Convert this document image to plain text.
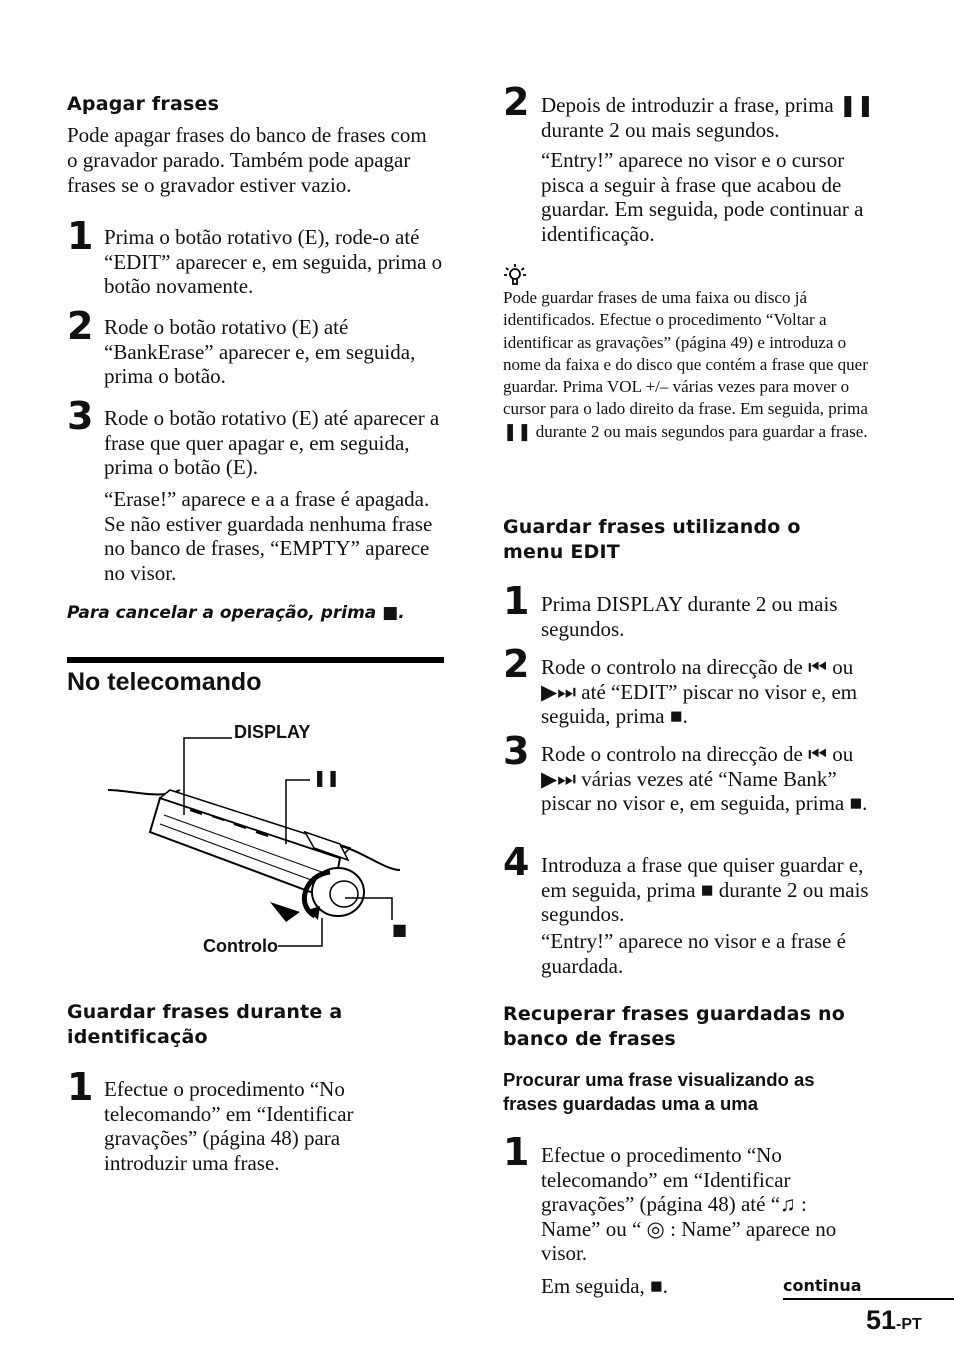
Apagar frases
Pode apagar frases do banco de frases com o gravador parado. Também pode apagar frases se o gravador estiver vazio.
1 Prima o botão rotativo (E), rode-o até “EDIT” aparecer e, em seguida, prima o botão novamente.
2 Rode o botão rotativo (E) até “BankErase” aparecer e, em seguida, prima o botão.
3 Rode o botão rotativo (E) até aparecer a frase que quer apagar e, em seguida, prima o botão (E).
“Erase!” aparece e a a frase é apagada. Se não estiver guardada nenhuma frase no banco de frases, “EMPTY” aparece no visor.
Para cancelar a operação, prima ■.
No telecomando
DISPLAY
❚❚
■
Controlo
Guardar frases durante a identificação
1 Efectue o procedimento “No telecomando” em “Identificar gravações” (página 48) para introduzir uma frase.
2 Depois de introduzir a frase, prima ❚❚ durante 2 ou mais segundos.
“Entry!” aparece no visor e o cursor pisca a seguir à frase que acabou de guardar. Em seguida, pode continuar a identificação.
Pode guardar frases de uma faixa ou disco já identificados. Efectue o procedimento “Voltar a identificar as gravações” (página 49) e introduza o nome da faixa e do disco que contém a frase que quer guardar. Prima VOL +/– várias vezes para mover o cursor para o lado direito da frase. Em seguida, prima ❚❚ durante 2 ou mais segundos para guardar a frase.
Guardar frases utilizando o menu EDIT
1 Prima DISPLAY durante 2 ou mais segundos.
2 Rode o controlo na direcção de ⏮ ou ▶⏭ até “EDIT” piscar no visor e, em seguida, prima ■.
3 Rode o controlo na direcção de ⏮ ou ▶⏭ várias vezes até “Name Bank” piscar no visor e, em seguida, prima ■.
4 Introduza a frase que quiser guardar e, em seguida, prima ■ durante 2 ou mais segundos.
“Entry!” aparece no visor e a frase é guardada.
Recuperar frases guardadas no banco de frases
Procurar uma frase visualizando as frases guardadas uma a uma
1 Efectue o procedimento “No telecomando” em “Identificar gravações” (página 48) até “♫ : Name” ou “ ◎ : Name” aparece no visor.
Em seguida, ■.	continua
51-PT
